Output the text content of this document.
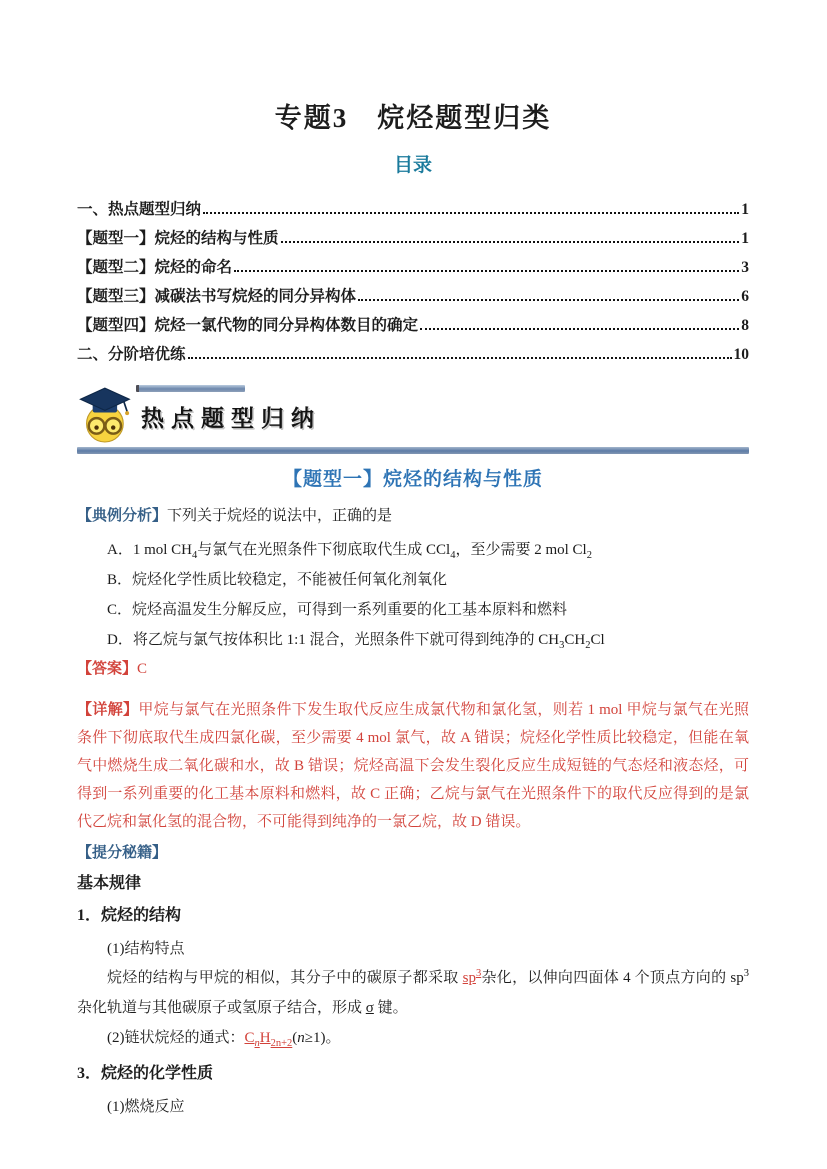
专题3　烷烃题型归类
目录
一、热点题型归纳	1
【题型一】烷烃的结构与性质	1
【题型二】烷烃的命名	3
【题型三】减碳法书写烷烃的同分异构体	6
【题型四】烷烃一氯代物的同分异构体数目的确定	8
二、分阶培优练	10
热点题型归纳
【题型一】烷烃的结构与性质

【典例分析】下列关于烷烃的说法中，正确的是

A．1 mol $CH_4$与氯气在光照条件下彻底取代生成 CCl$_4$，至少需要 2 mol $Cl_2$

B．烷烃化学性质比较稳定，不能被任何氧化剂氧化

C．烷烃高温发生分解反应，可得到一系列重要的化工基本原料和燃料

D．将乙烷与氯气按体积比 1:1 混合，光照条件下就可得到纯净的 $CH_3CH_2Cl$

【答案】C

【详解】甲烷与氯气在光照条件下发生取代反应生成氯代物和氯化氢，则若 1 mol 甲烷与氯气在光照条件下彻底取代生成四氯化碳，至少需要 4 mol 氯气，故 A 错误；烷烃化学性质比较稳定，但能在氧气中燃烧生成二氧化碳和水，故 B 错误；烷烃高温下会发生裂化反应生成短链的气态烃和液态烃，可得到一系列重要的化工基本原料和燃料，故 C 正确；乙烷与氯气在光照条件下的取代反应得到的是氯代乙烷和氯化氢的混合物，不可能得到纯净的一氯乙烷，故 D 错误。

【提分秘籍】

基本规律
1．烷烃的结构

(1)结构特点

烷烃的结构与甲烷的相似，其分子中的碳原子都采取 $sp^3$杂化，以伸向四面体 4 个顶点方向的 $sp^3$杂化轨道与其他碳原子或氢原子结合，形成 σ 键。

(2)链状烷烃的通式：$C_nH_{2n+2}(n\ge 1)$。

3．烷烃的化学性质

(1)燃烧反应
